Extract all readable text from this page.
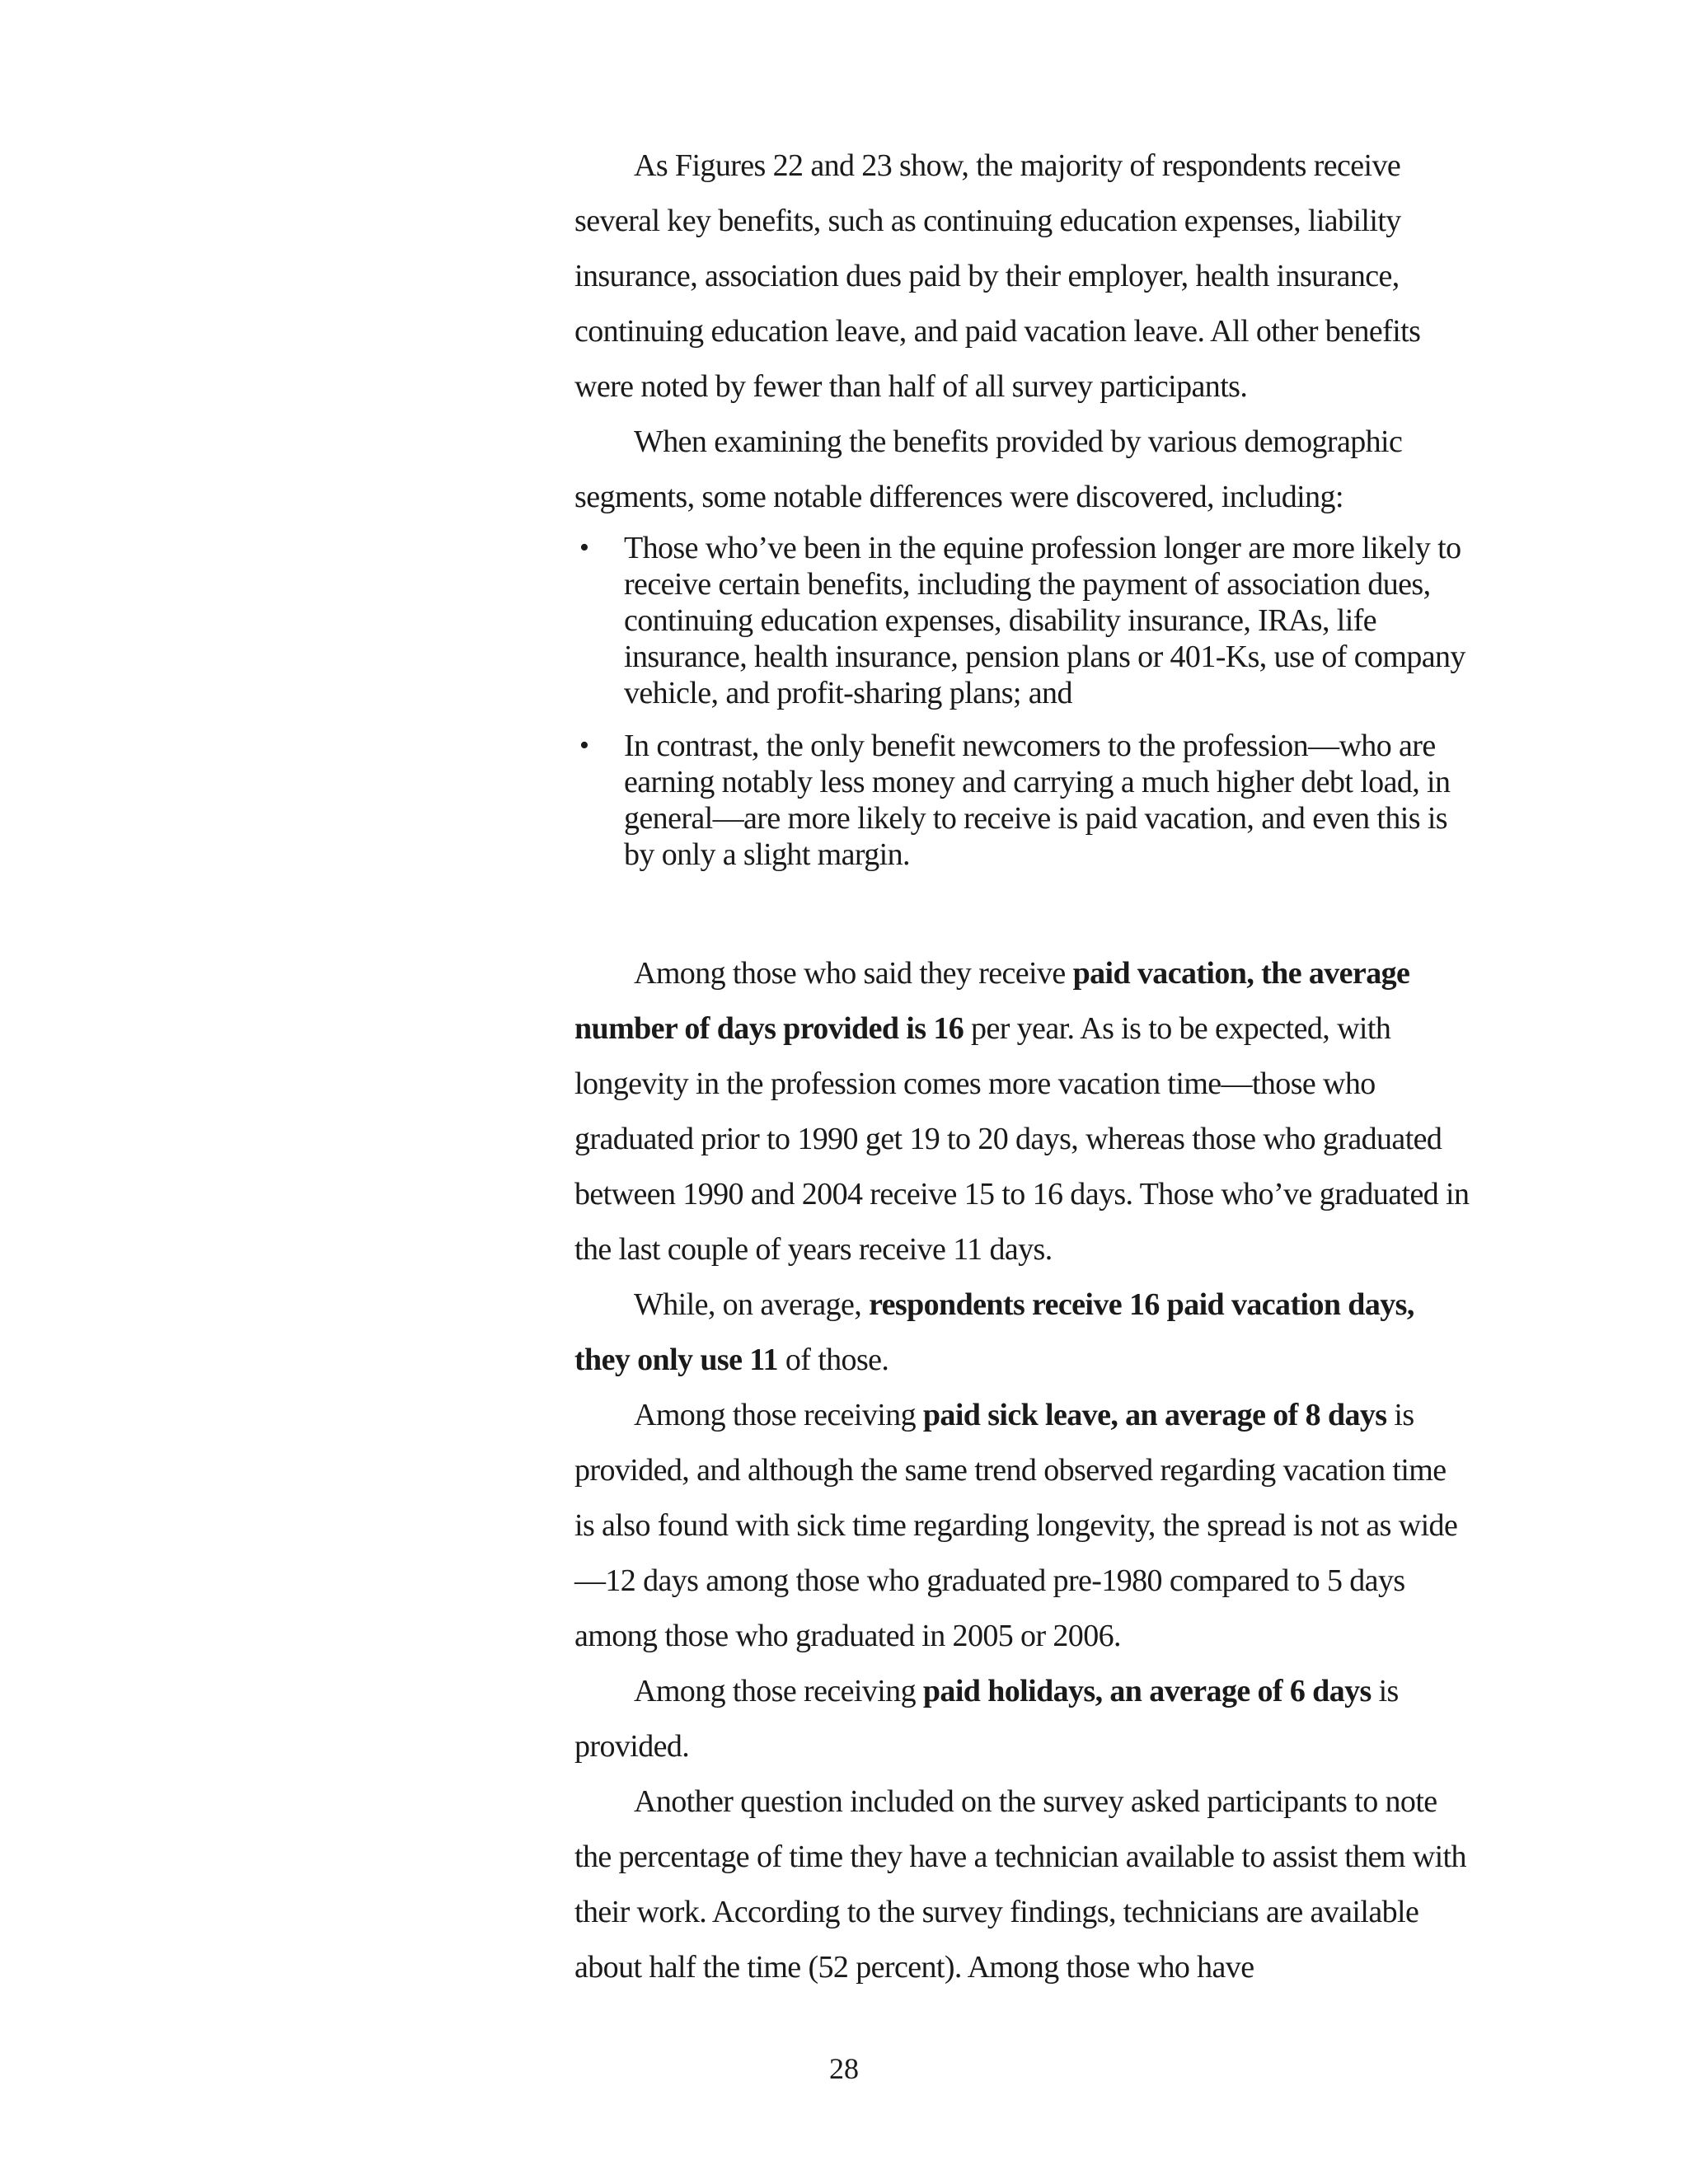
As Figures 22 and 23 show, the majority of respondents receive several key benefits, such as continuing education expenses, liability insurance, association dues paid by their employer, health insurance, continuing education leave, and paid vacation leave. All other benefits were noted by fewer than half of all survey participants.

When examining the benefits provided by various demographic segments, some notable differences were discovered, including:

• Those who’ve been in the equine profession longer are more likely to receive certain benefits, including the payment of association dues, continuing education expenses, disability insurance, IRAs, life insurance, health insurance, pension plans or 401-Ks, use of company vehicle, and profit-sharing plans; and
• In contrast, the only benefit newcomers to the profession—who are earning notably less money and carrying a much higher debt load, in general—are more likely to receive is paid vacation, and even this is by only a slight margin.

Among those who said they receive paid vacation, the average number of days provided is 16 per year. As is to be expected, with longevity in the profession comes more vacation time—those who graduated prior to 1990 get 19 to 20 days, whereas those who graduated between 1990 and 2004 receive 15 to 16 days. Those who’ve graduated in the last couple of years receive 11 days.

While, on average, respondents receive 16 paid vacation days, they only use 11 of those.

Among those receiving paid sick leave, an average of 8 days is provided, and although the same trend observed regarding vacation time is also found with sick time regarding longevity, the spread is not as wide—12 days among those who graduated pre-1980 compared to 5 days among those who graduated in 2005 or 2006.

Among those receiving paid holidays, an average of 6 days is provided.

Another question included on the survey asked participants to note the percentage of time they have a technician available to assist them with their work. According to the survey findings, technicians are available about half the time (52 percent). Among those who have

28
